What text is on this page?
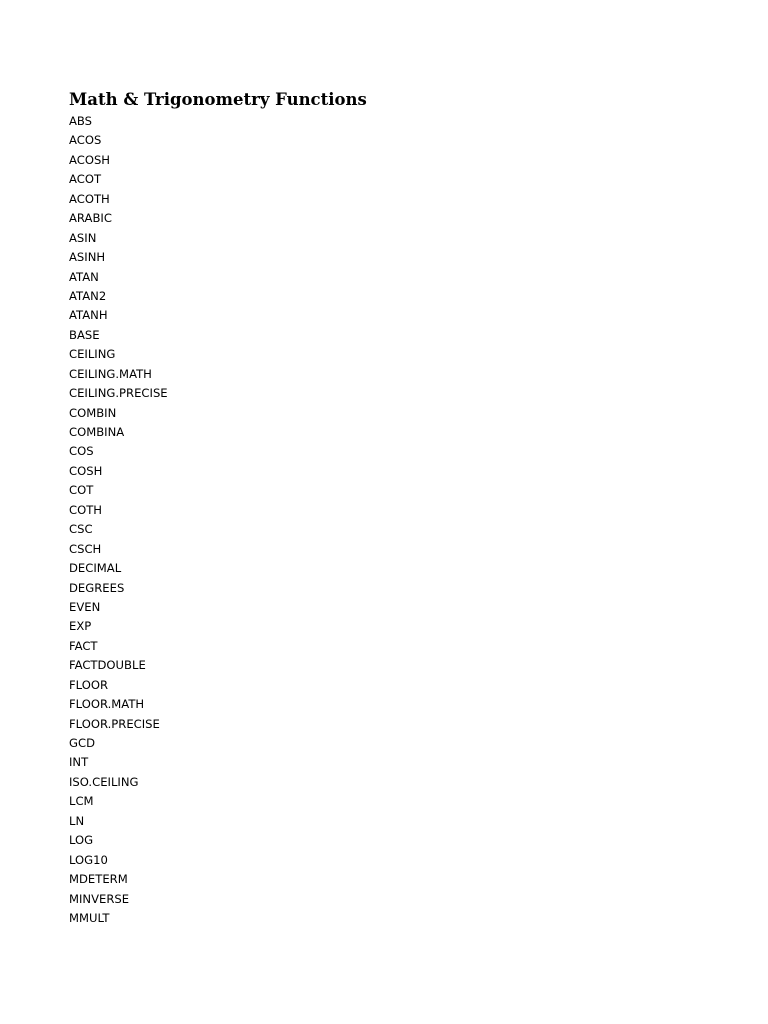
Math & Trigonometry Functions
ABS
ACOS
ACOSH
ACOT
ACOTH
ARABIC
ASIN
ASINH
ATAN
ATAN2
ATANH
BASE
CEILING
CEILING.MATH
CEILING.PRECISE
COMBIN
COMBINA
COS
COSH
COT
COTH
CSC
CSCH
DECIMAL
DEGREES
EVEN
EXP
FACT
FACTDOUBLE
FLOOR
FLOOR.MATH
FLOOR.PRECISE
GCD
INT
ISO.CEILING
LCM
LN
LOG
LOG10
MDETERM
MINVERSE
MMULT
